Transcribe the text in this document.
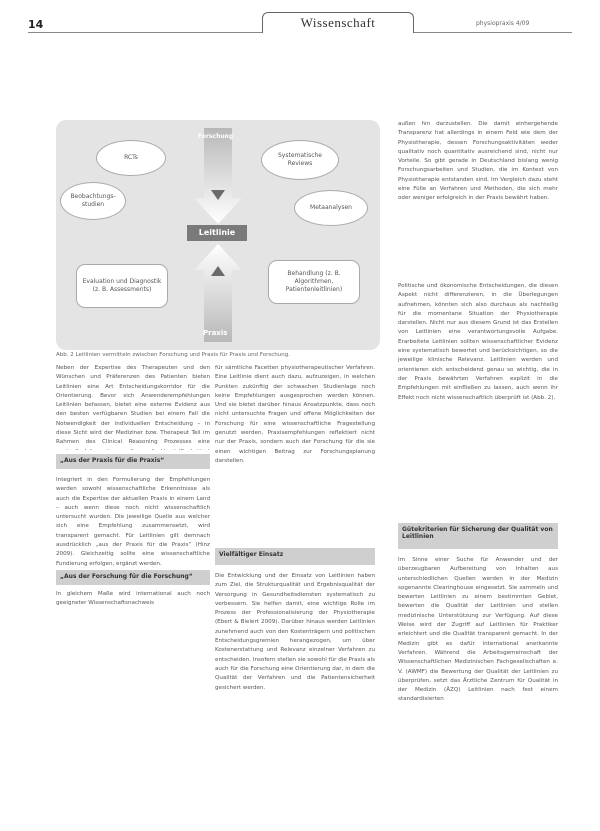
14	Wissenschaft	physiopraxis 4/09
Forschung
RCTs	Systematische Reviews
Beobachtungs-studien	Metaanalysen
Leitlinie
Evaluation und Diagnostik (z. B. Assessments)
Behandlung (z. B. Algorithmen, Patientenleitlinien)
Praxis
Abb. 2 Leitlinien vermitteln zwischen Forschung und Praxis für Praxis und Forschung.

Neben der Expertise des Therapeuten und den Wünschen und Präferenzen des Patienten bieten Leitlinien eine Art Entscheidungskorridor für die Orientierung. Bevor sich Anwenderempfehlungen Leitlinien befassen, bietet eine externe Evidenz aus den besten verfügbaren Studien bei einem Fall die Notwendigkeit der individuellen Entscheidung – in diese Sicht wird der Mediziner bzw. Therapeut Teil im Rahmen des Clinical Reasoning Prozesses eine

„Aus der Praxis für die Praxis“

Integriert in den Formulierung der Empfehlungen werden sowohl wissenschaftliche Erkenntnisse als auch die Expertise der aktuellen Praxis in einem Land – auch wenn diese noch nicht wissenschaftlich untersucht wurden. Die jeweilige Quelle aus welcher sich eine Empfehlung zusammensetzt, wird transparent gemacht. Für Leitlinien gilt demnach ausdrücklich „aus der Praxis für die Praxis“ (Hinz 2009). Gleichzeitig sollte eine wissenschaftliche Fundierung erfolgen, ergänzt werden.

„Aus der Forschung für die Forschung“

In gleichem Maße wird international auch noch geeigneter Wissenschaftsnachweis

für sämtliche Facetten physiotherapeutischer Verfahren. Eine Leitlinie dient auch dazu, aufzuzeigen, in welchen Punkten zukünftig der schwachen Studienlage noch keine Empfehlungen ausgesprochen werden können. Und sie bietet darüber hinaus Ansatzpunkte, dass noch nicht untersuchte Fragen und offene Möglichkeiten der Forschung für eine wissenschaftliche Fragestellung genutzt werden, Praxisempfehlungen reflektiert nicht nur der Praxis, sondern auch der Forschung für die sie einen wichtigen Beitrag zur Forschungsplanung darstellen.

Vielfältiger Einsatz

Die Entwicklung und der Einsatz von Leitlinien haben zum Ziel, die Strukturqualität und Ergebnisqualität der Versorgung in Gesundheitsdiensten systematisch zu verbessern. Sie helfen damit, eine wichtige Rolle im Prozess der Professionalisierung der Physiotherapie (Ebert & Bielert 2009). Darüber hinaus werden Leitlinien zunehmend auch von den Kostenträgern und politischen Entscheidungsgremien herangezogen, um über Kostenerstattung und Relevanz einzelner Verfahren zu entscheiden. Insofern stellen sie sowohl für die Praxis als auch für die Forschung eine Orientierung dar, in dem die Qualität der Verfahren und die Patientensicherheit gesichert werden.

außen hin darzustellen. Die damit einhergehende Transparenz hat allerdings in einem Feld wie dem der Physiotherapie, dessen Forschungsaktivitäten weder qualitativ noch quantitativ ausreichend sind, nicht nur Vorteile. So gibt gerade in Deutschland bislang wenig Forschungsarbeiten und Studien, die im Kontext von Physiotherapie entstanden sind. Im Vergleich dazu steht eine Fülle an Verfahren und Methoden, die sich mehr oder weniger erfolgreich in der Praxis bewährt haben.

Politische und ökonomische Entscheidungen, die diesen Aspekt nicht differenzieren, in die Überlegungen aufnehmen, könnten sich also durchaus als nachteilig für die momentane Situation der Physiotherapie darstellen. Nicht nur aus diesem Grund ist das Erstellen von Leitlinien eine verantwortungsvolle Aufgabe. Erarbeitete Leitlinien sollten wissenschaftlicher Evidenz eine systematisch bewertet und berücksichtigen, so die jeweilige klinische Relevanz. Leitlinien werden und orientieren sich entscheidend genau so wichtig, die in der Praxis bewährten Verfahren explizit in die Empfehlungen mit einfließen zu lassen, auch wenn ihr Effekt noch nicht wissenschaftlich überprüft ist (Abb. 2).

Gütekriterien für Sicherung der Qualität von Leitlinien

Im Sinne einer Suche für Anwender und der überzeugbaren Aufbereitung von Inhalten aus unterschiedlichen Quellen werden in der Medizin sogenannte Clearinghouse eingesetzt. Sie sammeln und bewerten Leitlinien zu einem bestimmten Gebiet, bewerten die Qualität der Leitlinien und stellen medizinische Unterstützung zur Verfügung. Auf diese Weise wird der Zugriff auf Leitlinien für Praktiker erleichtert und die Qualität transparent gemacht. In der Medizin gibt es dafür international anerkannte Verfahren. Während die Arbeitsgemeinschaft der Wissenschaftlichen Medizinischen Fachgesellschaften e. V. (AWMF) die Bewertung der Qualität der Leitlinien zu überprüfen, setzt das Ärztliche Zentrum für Qualität in der Medizin (ÄZQ) Leitlinien nach fest einem standardisierten
